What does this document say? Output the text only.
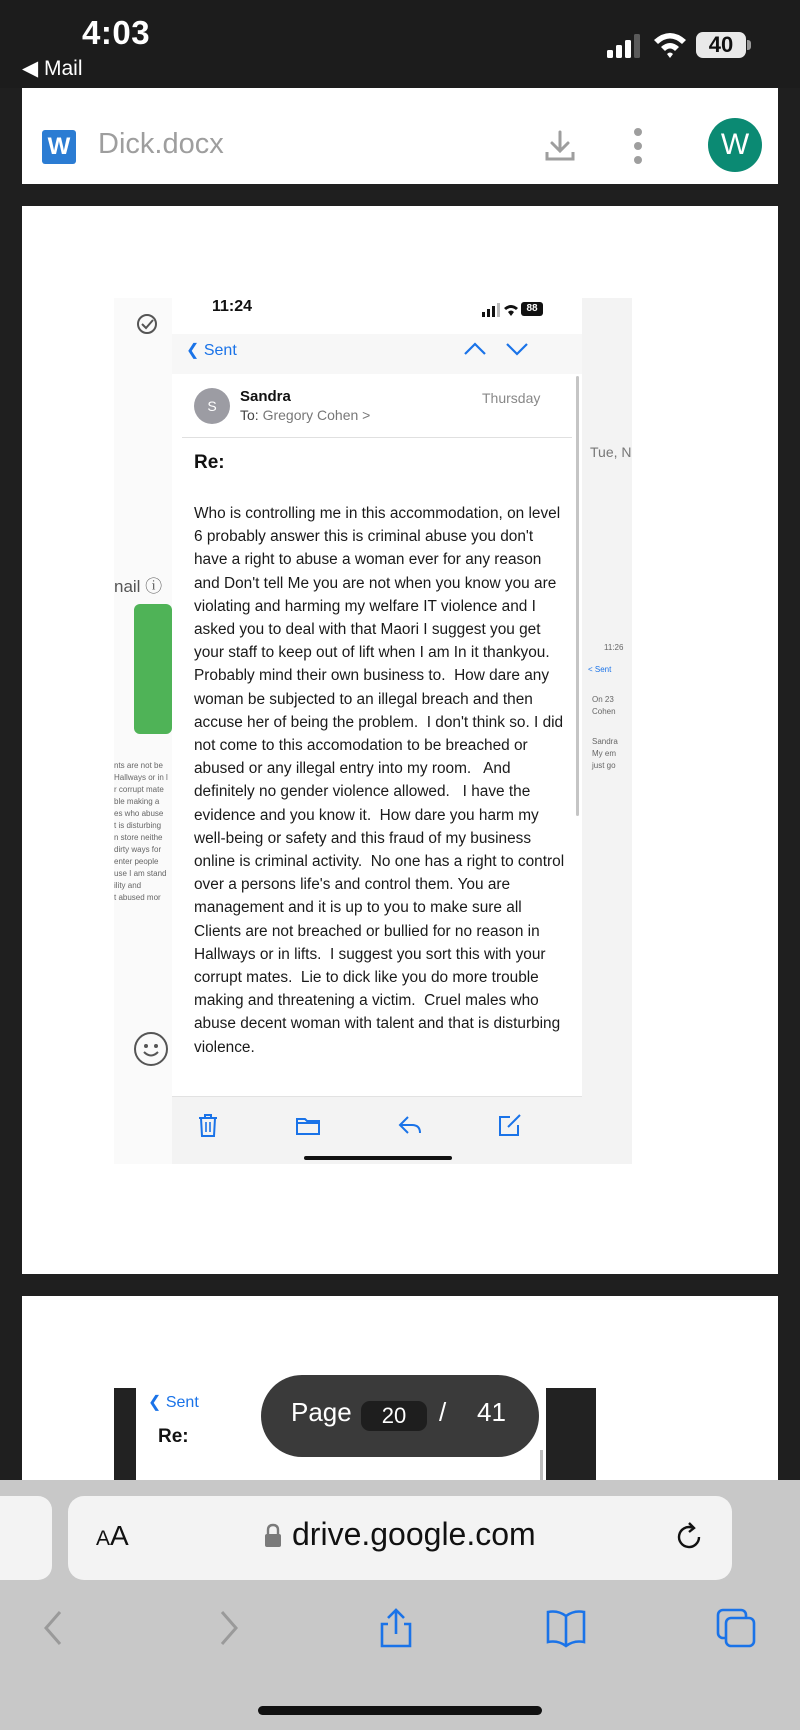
4:03
◀ Mail
40
W Dick.docx	W
nail ⓘ
nts are not be
Hallways or in l
r corrupt mate
ble making a
es who abuse
t is disturbing
n store neithe
dirty ways for
enter people
use I am stand
ility and
t abused mor
Tue, N
11:26
< Sent
On 23
Cohen
Sandra
My em
just go
11:24	88
❮ Sent
S
Sandra
To: Gregory Cohen >
Thursday
Re:
Who is controlling me in this accommodation, on level 6 probably answer this is criminal abuse you don't have a right to abuse a woman ever for any reason and Don't tell Me you are not when you know you are violating and harming my welfare IT violence and I asked you to deal with that Maori I suggest you get your staff to keep out of lift when I am In it thankyou. Probably mind their own business to.  How dare any woman be subjected to an illegal breach and then accuse her of being the problem.  I don't think so. I did not come to this accomodation to be breached or abused or any illegal entry into my room.   And definitely no gender violence allowed.   I have the evidence and you know it.  How dare you harm my well-being or safety and this fraud of my business online is criminal activity.  No one has a right to control over a persons life's and control them. You are management and it is up to you to make sure all
Clients are not breached or bullied for no reason in Hallways or in lifts.  I suggest you sort this with your corrupt mates.  Lie to dick like you do more trouble making and threatening a victim.  Cruel males who abuse decent woman with talent and that is disturbing violence.
❮ Sent
Re:
Page	20	/ 41
AA	drive.google.com
